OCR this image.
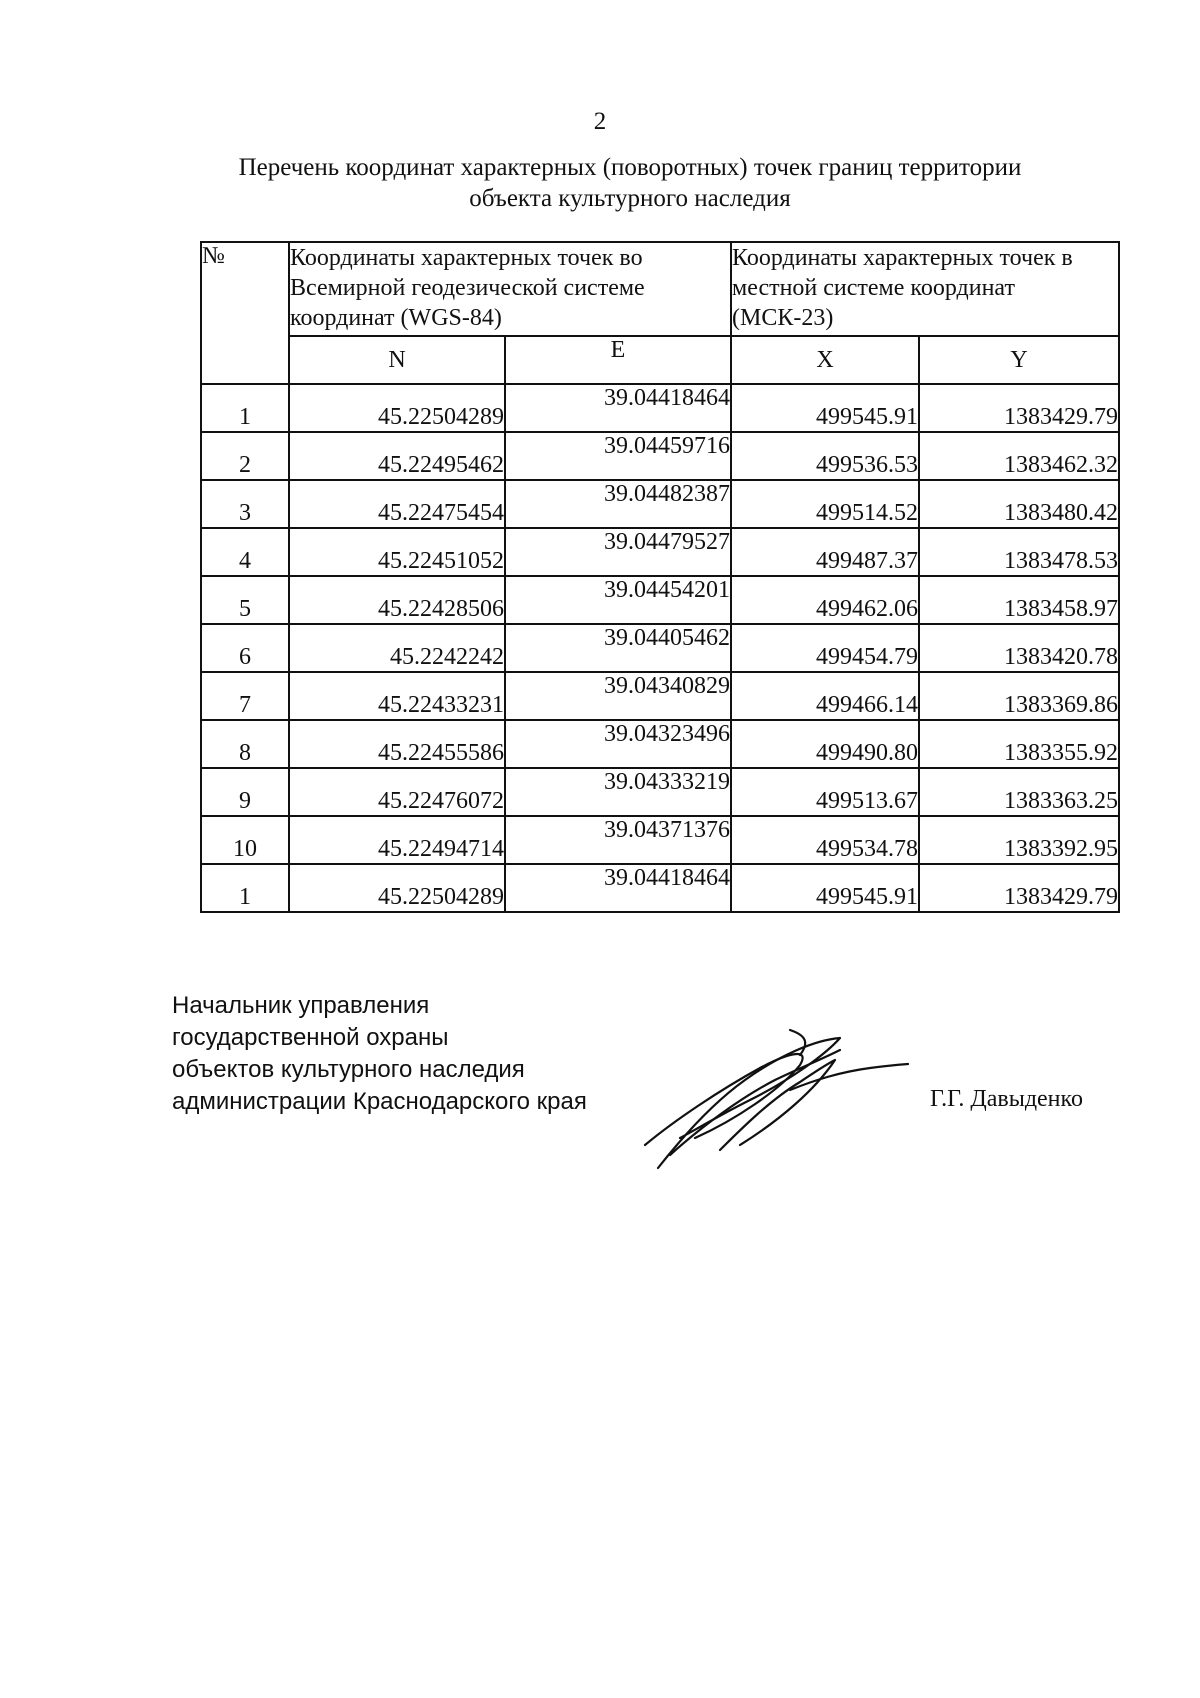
2
Перечень координат характерных (поворотных) точек границ территории
объекта культурного наследия
№	Координаты характерных точек во Всемирной геодезической системе координат (WGS-84)		Координаты характерных точек в местной системе координат (МСК-23)	
	N	E	X	Y
1	45.22504289	39.04418464	499545.91	1383429.79
2	45.22495462	39.04459716	499536.53	1383462.32
3	45.22475454	39.04482387	499514.52	1383480.42
4	45.22451052	39.04479527	499487.37	1383478.53
5	45.22428506	39.04454201	499462.06	1383458.97
6	45.2242242	39.04405462	499454.79	1383420.78
7	45.22433231	39.04340829	499466.14	1383369.86
8	45.22455586	39.04323496	499490.80	1383355.92
9	45.22476072	39.04333219	499513.67	1383363.25
10	45.22494714	39.04371376	499534.78	1383392.95
1	45.22504289	39.04418464	499545.91	1383429.79
Начальник управления
государственной охраны
объектов культурного наследия
администрации Краснодарского края	Г.Г. Давыденко
